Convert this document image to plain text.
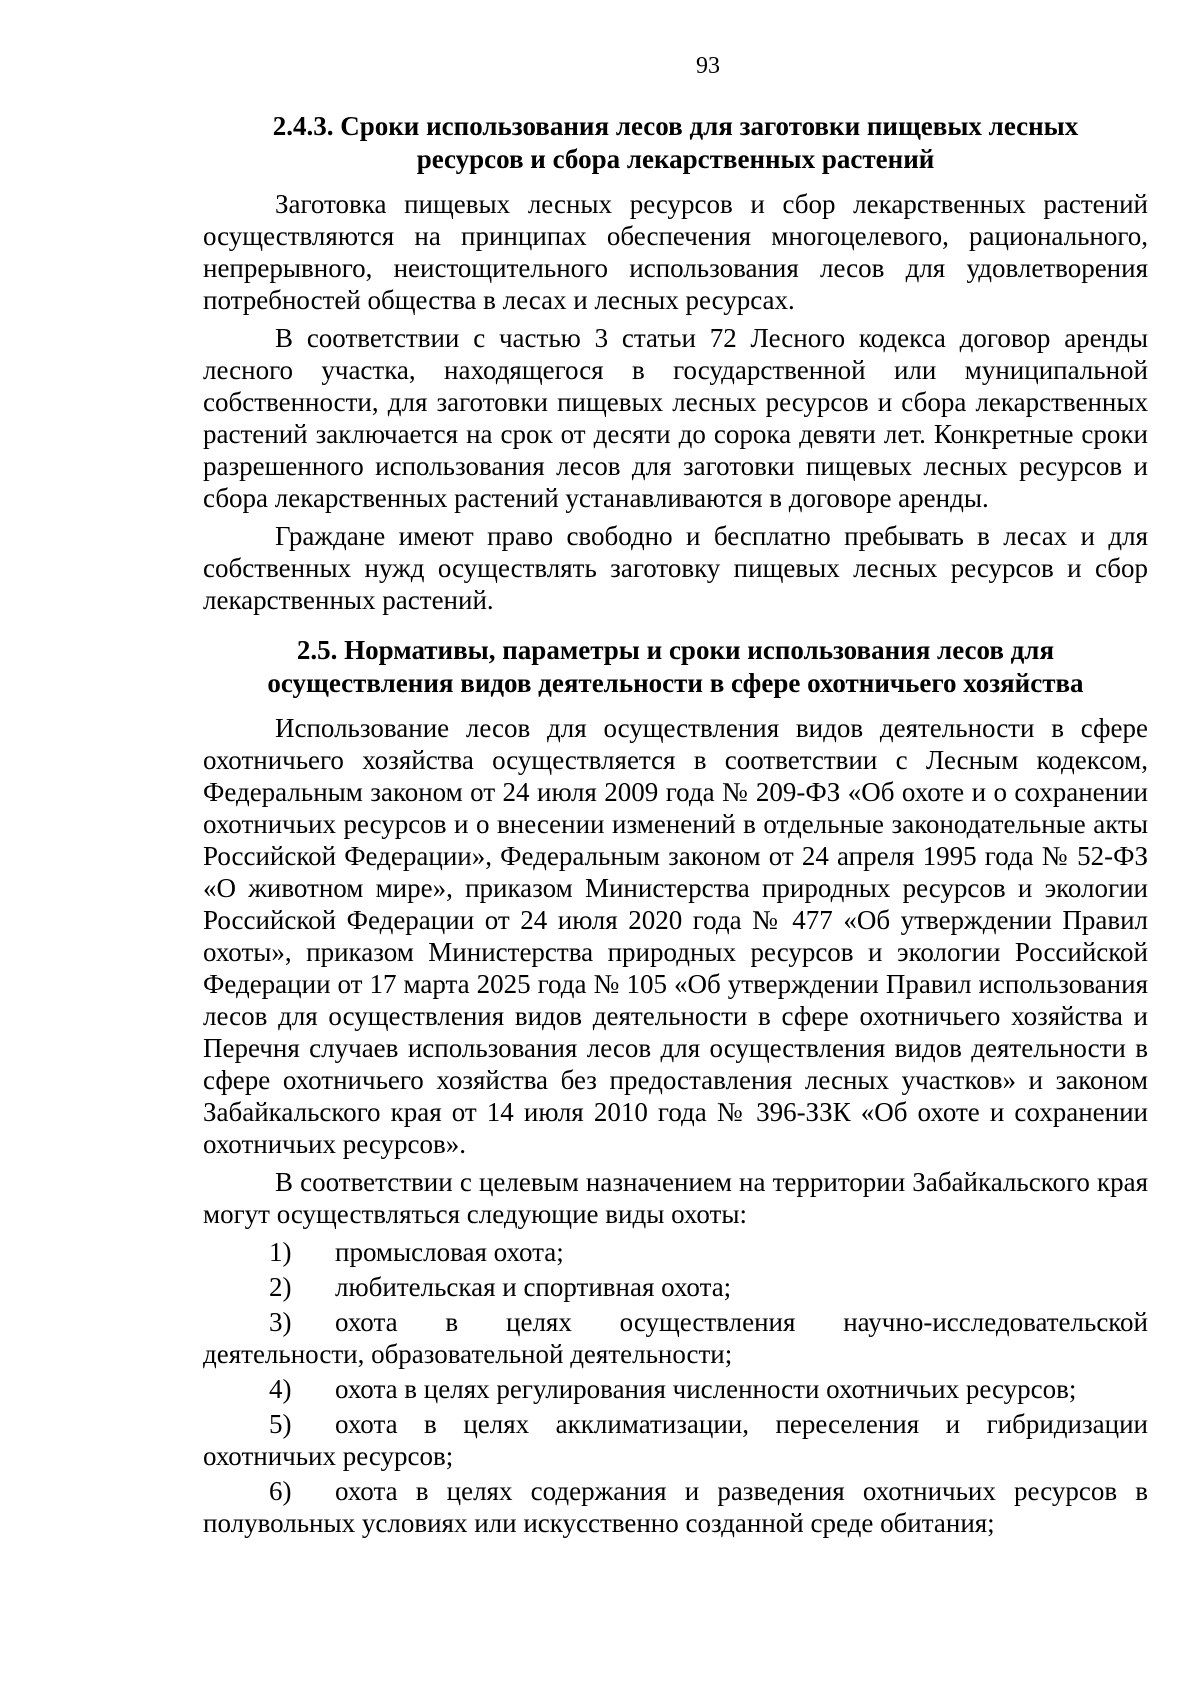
93
2.4.3. Сроки использования лесов для заготовки пищевых лесных
ресурсов и сбора лекарственных растений

Заготовка пищевых лесных ресурсов и сбор лекарственных растений осуществляются на принципах обеспечения многоцелевого, рационального, непрерывного, неистощительного использования лесов для удовлетворения потребностей общества в лесах и лесных ресурсах.

В соответствии с частью 3 статьи 72 Лесного кодекса договор аренды лесного участка, находящегося в государственной или муниципальной собственности, для заготовки пищевых лесных ресурсов и сбора лекарственных растений заключается на срок от десяти до сорока девяти лет. Конкретные сроки разрешенного использования лесов для заготовки пищевых лесных ресурсов и сбора лекарственных растений устанавливаются в договоре аренды.

Граждане имеют право свободно и бесплатно пребывать в лесах и для собственных нужд осуществлять заготовку пищевых лесных ресурсов и сбор лекарственных растений.

2.5. Нормативы, параметры и сроки использования лесов для
осуществления видов деятельности в сфере охотничьего хозяйства

Использование лесов для осуществления видов деятельности в сфере охотничьего хозяйства осуществляется в соответствии с Лесным кодексом, Федеральным законом от 24 июля 2009 года № 209-ФЗ «Об охоте и о сохранении охотничьих ресурсов и о внесении изменений в отдельные законодательные акты Российской Федерации», Федеральным законом от 24 апреля 1995 года № 52-ФЗ «О животном мире», приказом Министерства природных ресурсов и экологии Российской Федерации от 24 июля 2020 года № 477 «Об утверждении Правил охоты», приказом Министерства природных ресурсов и экологии Российской Федерации от 17 марта 2025 года № 105 «Об утверждении Правил использования лесов для осуществления видов деятельности в сфере охотничьего хозяйства и Перечня случаев использования лесов для осуществления видов деятельности в сфере охотничьего хозяйства без предоставления лесных участков» и законом Забайкальского края от 14 июля 2010 года № 396-ЗЗК «Об охоте и сохранении охотничьих ресурсов».

В соответствии с целевым назначением на территории Забайкальского края могут осуществляться следующие виды охоты:

1) промысловая охота;

2) любительская и спортивная охота;

3) охота в целях осуществления научно-исследовательской деятельности, образовательной деятельности;

4) охота в целях регулирования численности охотничьих ресурсов;

5) охота в целях акклиматизации, переселения и гибридизации охотничьих ресурсов;

6) охота в целях содержания и разведения охотничьих ресурсов в полувольных условиях или искусственно созданной среде обитания;
